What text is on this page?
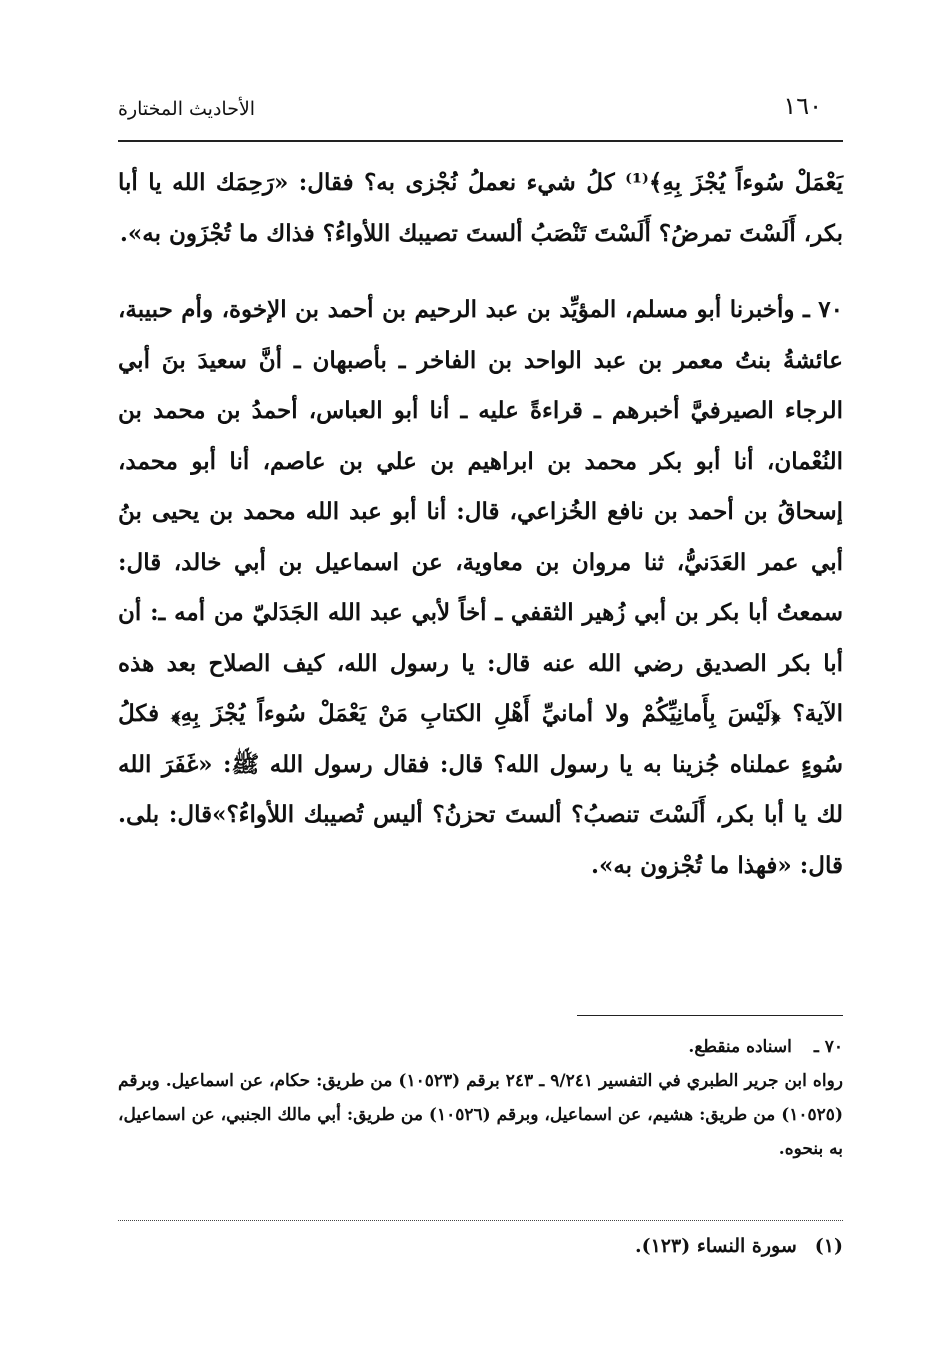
١٦٠
الأحاديث المختارة

يَعْمَلْ سُوءاً يُجْزَ بِهِ﴾⁽¹⁾ كلُ شيء نعملُ نُجْزى به؟ فقال: «رَحِمَك الله يا أبا بكر، أَلَسْتَ تمرضُ؟ أَلَسْتَ تَنْصَبُ ألستَ تصيبك اللأواءُ؟ فذاك ما تُجْزَون به».

٧٠ ـ وأخبرنا أبو مسلم، المؤيِّد بن عبد الرحيم بن أحمد بن الإخوة، وأم حبيبة، عائشةُ بنتُ معمر بن عبد الواحد بن الفاخر ـ بأصبهان ـ أنَّ سعيدَ بنَ أبي الرجاء الصيرفيَّ أخبرهم ـ قراءةً عليه ـ أنا أبو العباس، أحمدُ بن محمد بن النُعْمان، أنا أبو بكر محمد بن ابراهيم بن علي بن عاصم، أنا أبو محمد، إسحاقُ بن أحمد بن نافع الخُزاعي، قال: أنا أبو عبد الله محمد بن يحيى بنُ أبي عمر العَدَنيُّ، ثنا مروان بن معاوية، عن اسماعيل بن أبي خالد، قال: سمعتُ أبا بكر بن أبي زُهير الثقفي ـ أخاً لأبي عبد الله الجَدَليّ من أمه ـ: أن أبا بكر الصديق رضي الله عنه قال: يا رسول الله، كيف الصلاح بعد هذه الآية؟ ﴿لَيْسَ بِأَمانِيِّكُمْ ولا أمانيِّ أَهْلِ الكتابِ مَنْ يَعْمَلْ سُوءاً يُجْزَ بِهِ﴾ فكلُ سُوءٍ عملناه جُزينا به يا رسول الله؟ قال: فقال رسول الله ﷺ: «غَفَرَ الله لك يا أبا بكر، أَلَسْتَ تنصبُ؟ ألستَ تحزنُ؟ أليس تُصيبك اللأواءُ؟»قال: بلى. قال: «فهذا ما تُجْزون به».

٧٠ ـاسناده منقطع.

رواه ابن جرير الطبري في التفسير ٩/٢٤١ ـ ٢٤٣ برقم (١٠٥٢٣) من طريق: حكام، عن اسماعيل. وبرقم (١٠٥٢٥) من طريق: هشيم، عن اسماعيل، وبرقم (١٠٥٢٦) من طريق: أبي مالك الجنبي، عن اسماعيل، به بنحوه.

(١)سورة النساء (١٢٣).
